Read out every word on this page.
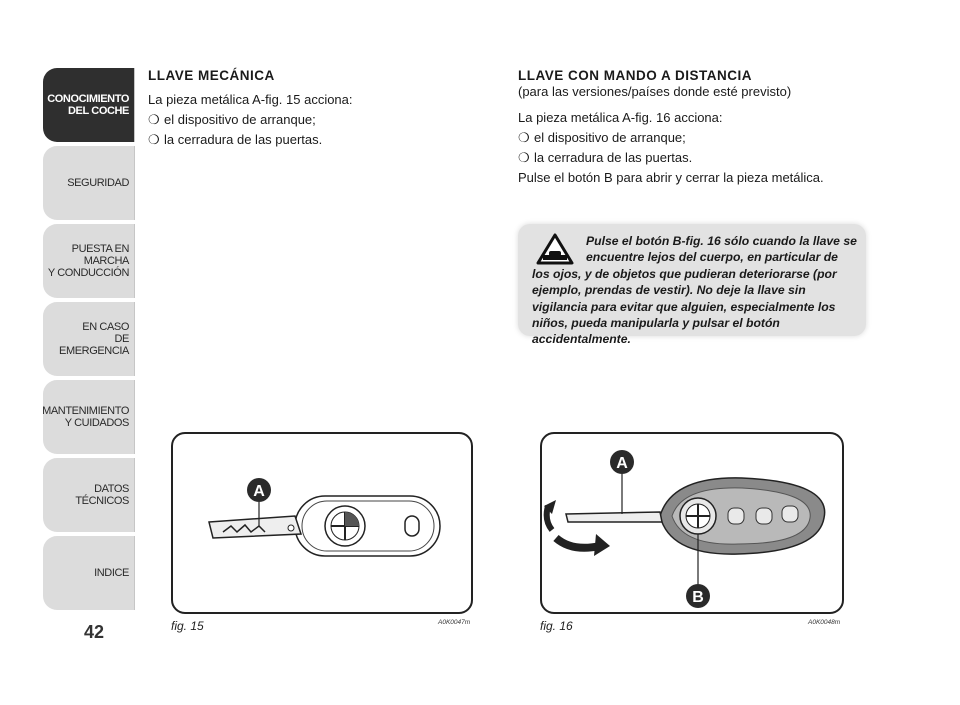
CONOCIMIENTO
DEL COCHE
SEGURIDAD
PUESTA EN MARCHA
Y CONDUCCIÓN
EN CASO
DE EMERGENCIA
MANTENIMIENTO
Y CUIDADOS
DATOS TÉCNICOS
INDICE
42
LLAVE MECÁNICA
La pieza metálica A-fig. 15 acciona:
❍ el dispositivo de arranque;
❍ la cerradura de las puertas.
LLAVE CON MANDO A DISTANCIA
(para las versiones/países donde esté previsto)
La pieza metálica A-fig. 16 acciona:
❍ el dispositivo de arranque;
❍ la cerradura de las puertas.
Pulse el botón B para abrir y cerrar la pieza metálica.
Pulse el botón B-fig. 16 sólo cuando la llave se encuentre lejos del cuerpo, en particular de los ojos, y de objetos que pudieran deteriorarse (por ejemplo, prendas de vestir). No deje la llave sin vigilancia para evitar que alguien, especialmente los niños, pueda manipularla y pulsar el botón accidentalmente.
A
fig. 15	A0K0047m
A
B
fig. 16	A0K0048m
